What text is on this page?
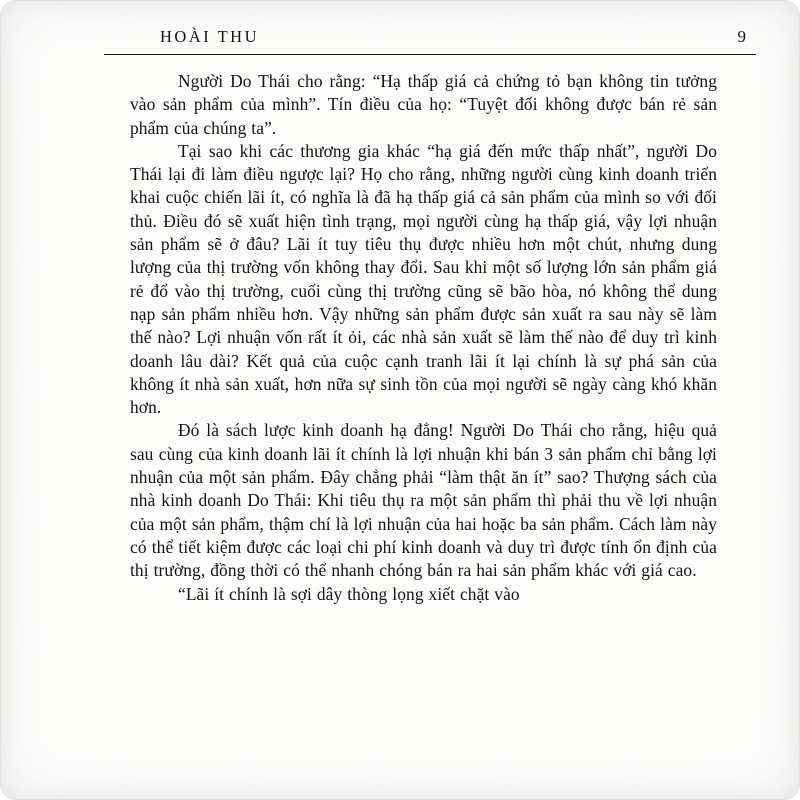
HOÀI THU	9

Người Do Thái cho rằng: “Hạ thấp giá cả chứng tỏ bạn không tin tưởng vào sản phẩm của mình”. Tín điều của họ: “Tuyệt đối không được bán rẻ sản phẩm của chúng ta”.

Tại sao khi các thương gia khác “hạ giá đến mức thấp nhất”, người Do Thái lại đi làm điều ngược lại? Họ cho rằng, những người cùng kinh doanh triển khai cuộc chiến lãi ít, có nghĩa là đã hạ thấp giá cả sản phẩm của mình so với đối thủ. Điều đó sẽ xuất hiện tình trạng, mọi người cùng hạ thấp giá, vậy lợi nhuận sản phẩm sẽ ở đâu? Lãi ít tuy tiêu thụ được nhiều hơn một chút, nhưng dung lượng của thị trường vốn không thay đổi. Sau khi một số lượng lớn sản phẩm giá rẻ đổ vào thị trường, cuối cùng thị trường cũng sẽ bão hòa, nó không thể dung nạp sản phẩm nhiều hơn. Vậy những sản phẩm được sản xuất ra sau này sẽ làm thế nào? Lợi nhuận vốn rất ít ỏi, các nhà sản xuất sẽ làm thế nào để duy trì kinh doanh lâu dài? Kết quả của cuộc cạnh tranh lãi ít lại chính là sự phá sản của không ít nhà sản xuất, hơn nữa sự sinh tồn của mọi người sẽ ngày càng khó khăn hơn.

Đó là sách lược kinh doanh hạ đẳng! Người Do Thái cho rằng, hiệu quả sau cùng của kinh doanh lãi ít chính là lợi nhuận khi bán 3 sản phẩm chỉ bằng lợi nhuận của một sản phẩm. Đây chẳng phải “làm thật ăn ít” sao? Thượng sách của nhà kinh doanh Do Thái: Khi tiêu thụ ra một sản phẩm thì phải thu về lợi nhuận của một sản phẩm, thậm chí là lợi nhuận của hai hoặc ba sản phẩm. Cách làm này có thể tiết kiệm được các loại chi phí kinh doanh và duy trì được tính ổn định của thị trường, đồng thời có thể nhanh chóng bán ra hai sản phẩm khác với giá cao.

“Lãi ít chính là sợi dây thòng lọng xiết chặt vào
